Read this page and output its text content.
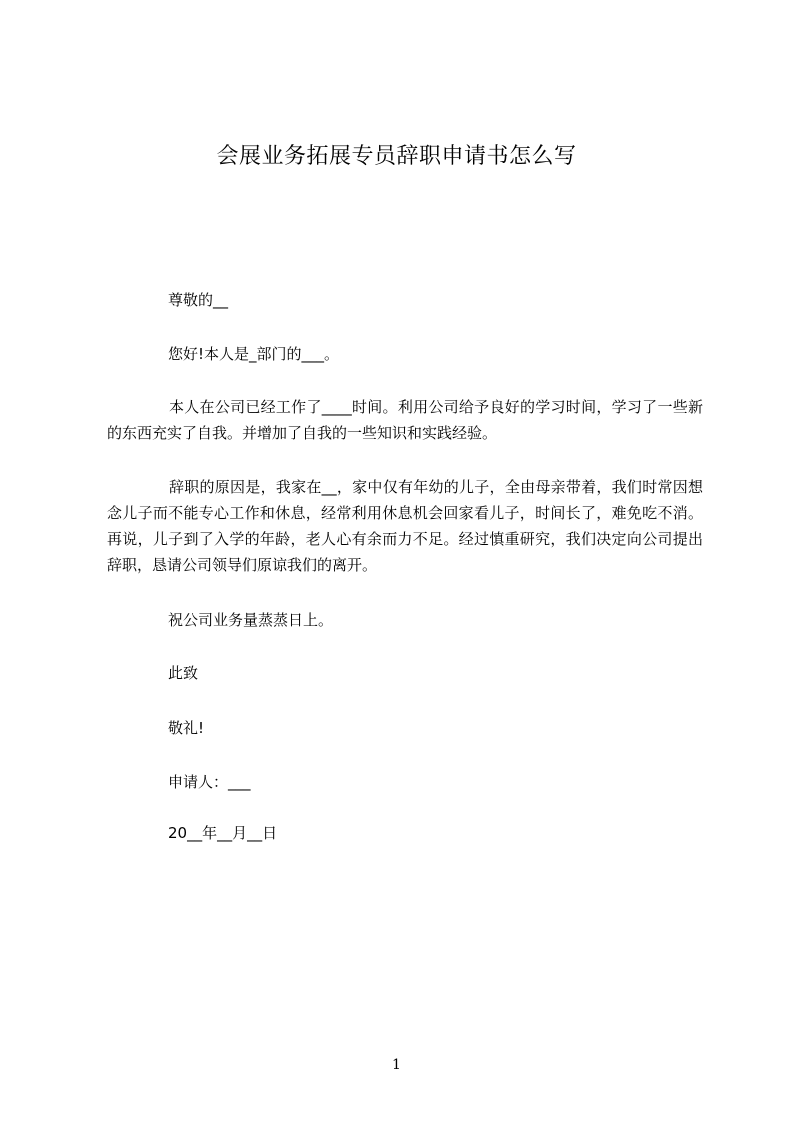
会展业务拓展专员辞职申请书怎么写
尊敬的__
您好!本人是_部门的___。
本人在公司已经工作了____时间。利用公司给予良好的学习时间，学习了一些新的东西充实了自我。并增加了自我的一些知识和实践经验。
辞职的原因是，我家在__，家中仅有年幼的儿子，全由母亲带着，我们时常因想念儿子而不能专心工作和休息，经常利用休息机会回家看儿子，时间长了，难免吃不消。再说，儿子到了入学的年龄，老人心有余而力不足。经过慎重研究，我们决定向公司提出辞职，恳请公司领导们原谅我们的离开。
祝公司业务量蒸蒸日上。
此致
敬礼!
申请人：___
20__年__月__日
1
